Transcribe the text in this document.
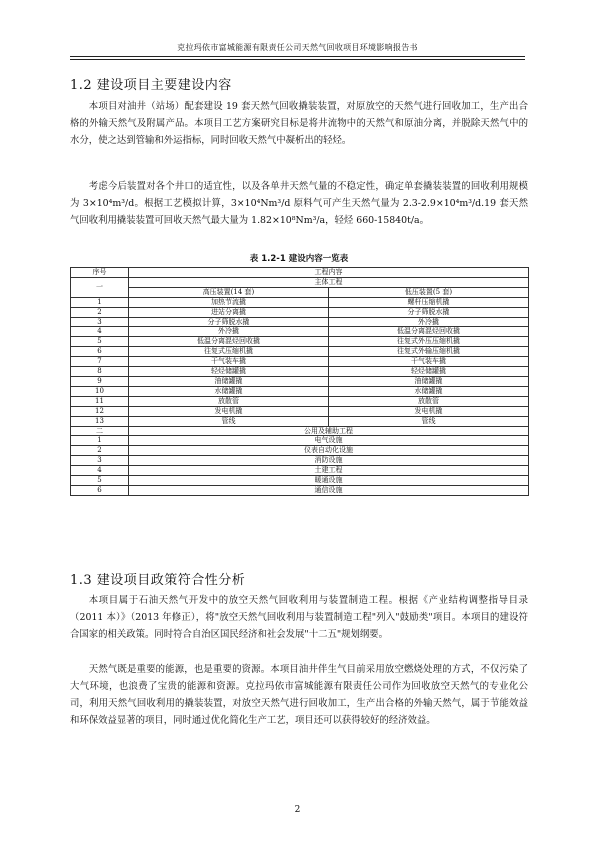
克拉玛依市富城能源有限责任公司天然气回收项目环境影响报告书
1.2 建设项目主要建设内容
本项目对油井（站场）配套建设 19 套天然气回收撬装装置，对原放空的天然气进行回收加工，生产出合格的外输天然气及附属产品。本项目工艺方案研究目标是将井流物中的天然气和原油分离，并脱除天然气中的水分，使之达到管输和外运指标，同时回收天然气中凝析出的轻烃。
考虑今后装置对各个井口的适宜性，以及各单井天然气量的不稳定性，确定单套撬装装置的回收利用规模为 3×10⁴m³/d。根据工艺模拟计算，3×10⁴Nm³/d 原料气可产生天然气量为 2.3-2.9×10⁴m³/d.19 套天然气回收利用撬装装置可回收天然气最大量为 1.82×10⁸Nm³/a，轻烃 660-15840t/a。
表 1.2-1 建设内容一览表
序号	工程内容	
一	主体工程	
	高压装置(14 套)	低压装置(5 套)
1	加热节流撬	螺杆压缩机撬
2	进站分离撬	分子筛脱水撬
3	分子筛脱水撬	外冷撬
4	外冷撬	低温分离混烃回收撬
5	低温分离混烃回收撬	往复式外压压缩机撬
6	往复式压缩机撬	往复式外输压缩机撬
7	干气装车撬	干气装车撬
8	轻烃储罐撬	轻烃储罐撬
9	油储罐撬	油储罐撬
10	水储罐撬	水储罐撬
11	放散管	放散管
12	发电机撬	发电机撬
13	管线	管线
二	公用及辅助工程	
1	电气设施	
2	仪表自动化设施	
3	消防设施	
4	土建工程	
5	暖通设施	
6	通信设施	
1.3 建设项目政策符合性分析
本项目属于石油天然气开发中的放空天然气回收利用与装置制造工程。根据《产业结构调整指导目录（2011 本）》（2013 年修正），将"放空天然气回收利用与装置制造工程"列入"鼓励类"项目。本项目的建设符合国家的相关政策。同时符合自治区国民经济和社会发展"十二五"规划纲要。
天然气既是重要的能源，也是重要的资源。本项目油井伴生气目前采用放空燃烧处理的方式，不仅污染了大气环境，也浪费了宝贵的能源和资源。克拉玛依市富城能源有限责任公司作为回收放空天然气的专业化公司，利用天然气回收利用的撬装装置，对放空天然气进行回收加工，生产出合格的外输天然气，属于节能效益和环保效益显著的项目，同时通过优化简化生产工艺，项目还可以获得较好的经济效益。
2
